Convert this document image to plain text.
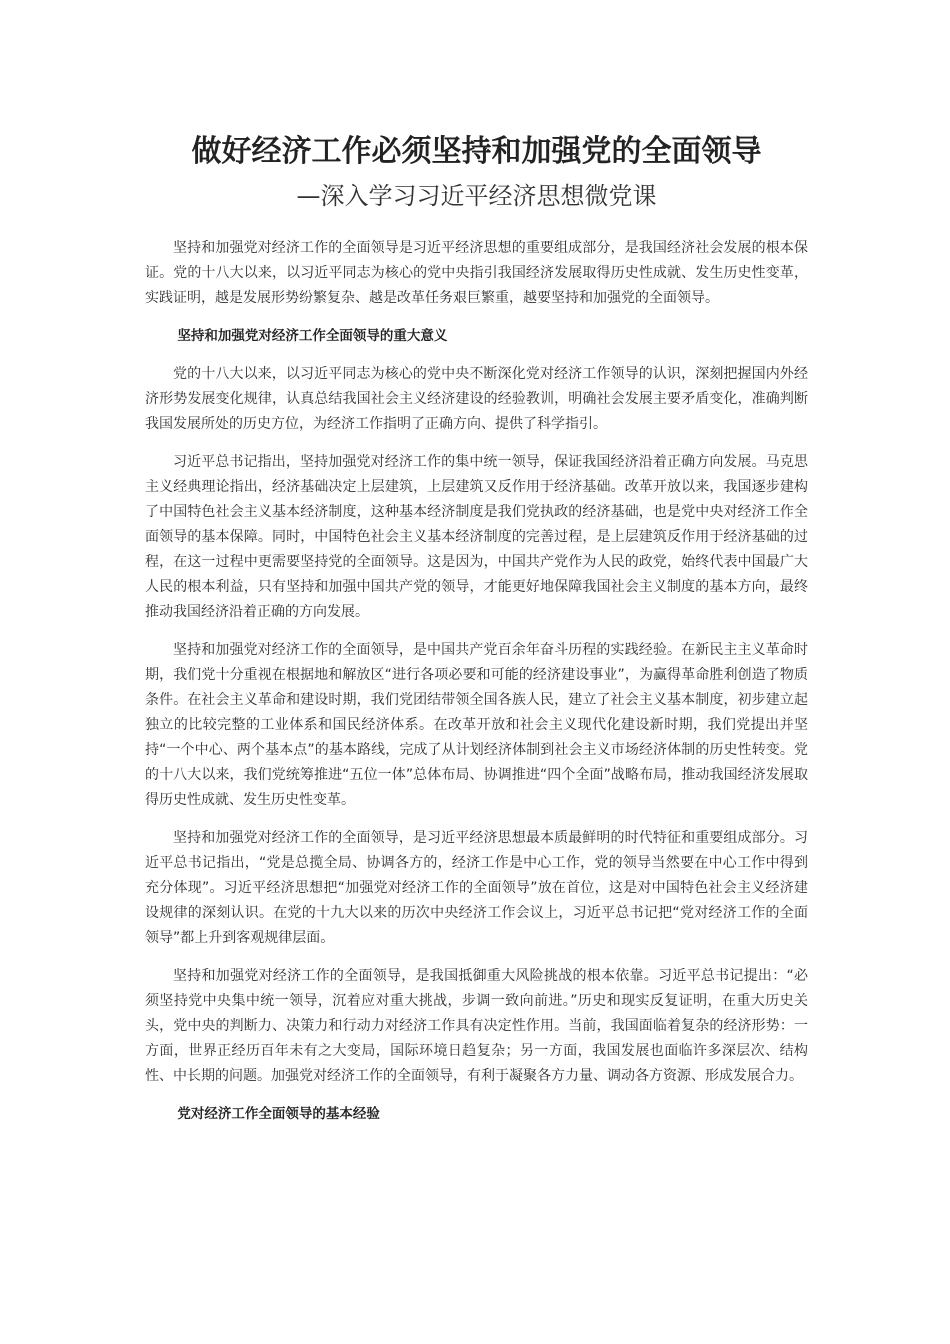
做好经济工作必须坚持和加强党的全面领导
—深入学习习近平经济思想微党课

坚持和加强党对经济工作的全面领导是习近平经济思想的重要组成部分，是我国经济社会发展的根本保证。党的十八大以来，以习近平同志为核心的党中央指引我国经济发展取得历史性成就、发生历史性变革，实践证明，越是发展形势纷繁复杂、越是改革任务艰巨繁重，越要坚持和加强党的全面领导。

坚持和加强党对经济工作全面领导的重大意义

党的十八大以来，以习近平同志为核心的党中央不断深化党对经济工作领导的认识，深刻把握国内外经济形势发展变化规律，认真总结我国社会主义经济建设的经验教训，明确社会发展主要矛盾变化，准确判断我国发展所处的历史方位，为经济工作指明了正确方向、提供了科学指引。

习近平总书记指出，坚持加强党对经济工作的集中统一领导，保证我国经济沿着正确方向发展。马克思主义经典理论指出，经济基础决定上层建筑，上层建筑又反作用于经济基础。改革开放以来，我国逐步建构了中国特色社会主义基本经济制度，这种基本经济制度是我们党执政的经济基础，也是党中央对经济工作全面领导的基本保障。同时，中国特色社会主义基本经济制度的完善过程，是上层建筑反作用于经济基础的过程，在这一过程中更需要坚持党的全面领导。这是因为，中国共产党作为人民的政党，始终代表中国最广大人民的根本利益，只有坚持和加强中国共产党的领导，才能更好地保障我国社会主义制度的基本方向，最终推动我国经济沿着正确的方向发展。

坚持和加强党对经济工作的全面领导，是中国共产党百余年奋斗历程的实践经验。在新民主主义革命时期，我们党十分重视在根据地和解放区“进行各项必要和可能的经济建设事业”，为赢得革命胜利创造了物质条件。在社会主义革命和建设时期，我们党团结带领全国各族人民，建立了社会主义基本制度，初步建立起独立的比较完整的工业体系和国民经济体系。在改革开放和社会主义现代化建设新时期，我们党提出并坚持“一个中心、两个基本点”的基本路线，完成了从计划经济体制到社会主义市场经济体制的历史性转变。党的十八大以来，我们党统筹推进“五位一体”总体布局、协调推进“四个全面”战略布局，推动我国经济发展取得历史性成就、发生历史性变革。

坚持和加强党对经济工作的全面领导，是习近平经济思想最本质最鲜明的时代特征和重要组成部分。习近平总书记指出，“党是总揽全局、协调各方的，经济工作是中心工作，党的领导当然要在中心工作中得到充分体现”。习近平经济思想把“加强党对经济工作的全面领导”放在首位，这是对中国特色社会主义经济建设规律的深刻认识。在党的十九大以来的历次中央经济工作会议上，习近平总书记把“党对经济工作的全面领导”都上升到客观规律层面。

坚持和加强党对经济工作的全面领导，是我国抵御重大风险挑战的根本依靠。习近平总书记提出：“必须坚持党中央集中统一领导，沉着应对重大挑战，步调一致向前进。”历史和现实反复证明，在重大历史关头，党中央的判断力、决策力和行动力对经济工作具有决定性作用。当前，我国面临着复杂的经济形势：一方面，世界正经历百年未有之大变局，国际环境日趋复杂；另一方面，我国发展也面临许多深层次、结构性、中长期的问题。加强党对经济工作的全面领导，有利于凝聚各方力量、调动各方资源、形成发展合力。

党对经济工作全面领导的基本经验
